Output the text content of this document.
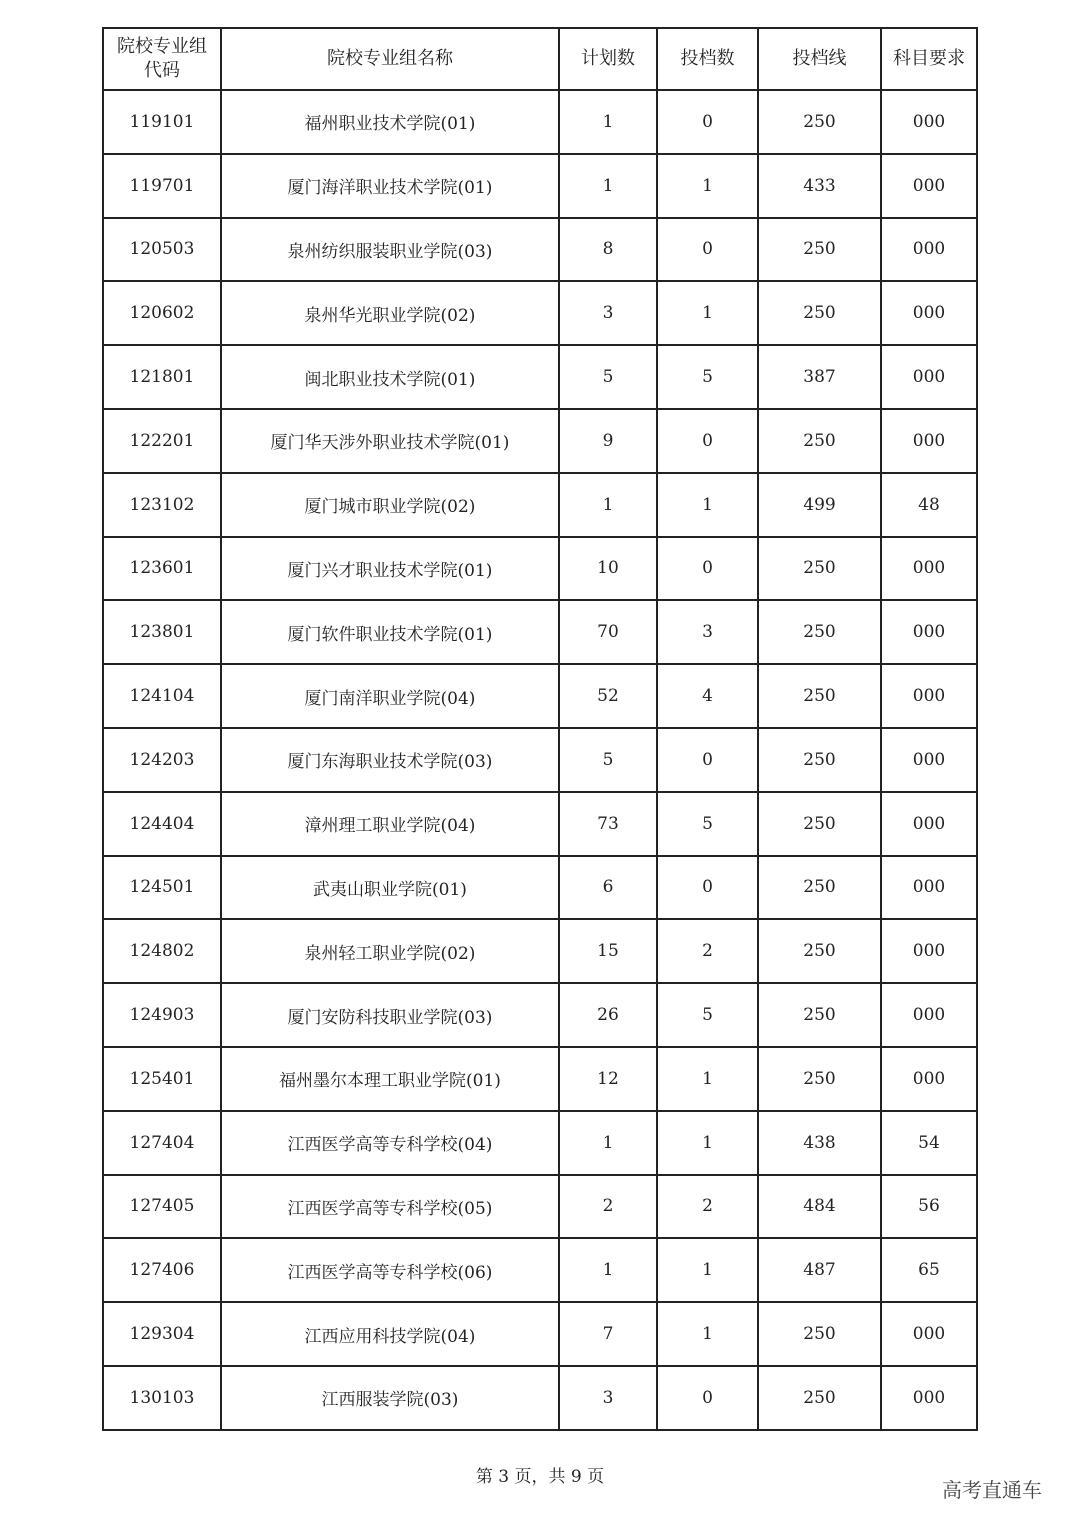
院校专业组代码	院校专业组名称	计划数	投档数	投档线	科目要求
119101	福州职业技术学院(01)	1	0	250	000
119701	厦门海洋职业技术学院(01)	1	1	433	000
120503	泉州纺织服装职业学院(03)	8	0	250	000
120602	泉州华光职业学院(02)	3	1	250	000
121801	闽北职业技术学院(01)	5	5	387	000
122201	厦门华天涉外职业技术学院(01)	9	0	250	000
123102	厦门城市职业学院(02)	1	1	499	48
123601	厦门兴才职业技术学院(01)	10	0	250	000
123801	厦门软件职业技术学院(01)	70	3	250	000
124104	厦门南洋职业学院(04)	52	4	250	000
124203	厦门东海职业技术学院(03)	5	0	250	000
124404	漳州理工职业学院(04)	73	5	250	000
124501	武夷山职业学院(01)	6	0	250	000
124802	泉州轻工职业学院(02)	15	2	250	000
124903	厦门安防科技职业学院(03)	26	5	250	000
125401	福州墨尔本理工职业学院(01)	12	1	250	000
127404	江西医学高等专科学校(04)	1	1	438	54
127405	江西医学高等专科学校(05)	2	2	484	56
127406	江西医学高等专科学校(06)	1	1	487	65
129304	江西应用科技学院(04)	7	1	250	000
130103	江西服装学院(03)	3	0	250	000
第 3 页，共 9 页
高考直通车
